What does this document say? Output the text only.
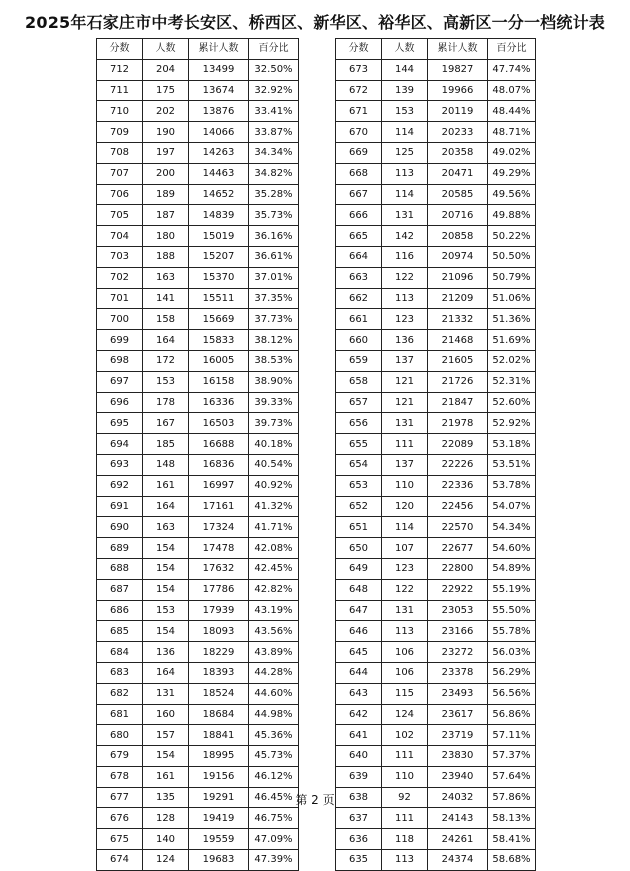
2025年石家庄市中考长安区、桥西区、新华区、裕华区、高新区一分一档统计表
分数	人数	累计人数	百分比
712	204	13499	32.50%
711	175	13674	32.92%
710	202	13876	33.41%
709	190	14066	33.87%
708	197	14263	34.34%
707	200	14463	34.82%
706	189	14652	35.28%
705	187	14839	35.73%
704	180	15019	36.16%
703	188	15207	36.61%
702	163	15370	37.01%
701	141	15511	37.35%
700	158	15669	37.73%
699	164	15833	38.12%
698	172	16005	38.53%
697	153	16158	38.90%
696	178	16336	39.33%
695	167	16503	39.73%
694	185	16688	40.18%
693	148	16836	40.54%
692	161	16997	40.92%
691	164	17161	41.32%
690	163	17324	41.71%
689	154	17478	42.08%
688	154	17632	42.45%
687	154	17786	42.82%
686	153	17939	43.19%
685	154	18093	43.56%
684	136	18229	43.89%
683	164	18393	44.28%
682	131	18524	44.60%
681	160	18684	44.98%
680	157	18841	45.36%
679	154	18995	45.73%
678	161	19156	46.12%
677	135	19291	46.45%
676	128	19419	46.75%
675	140	19559	47.09%
674	124	19683	47.39%
分数	人数	累计人数	百分比
673	144	19827	47.74%
672	139	19966	48.07%
671	153	20119	48.44%
670	114	20233	48.71%
669	125	20358	49.02%
668	113	20471	49.29%
667	114	20585	49.56%
666	131	20716	49.88%
665	142	20858	50.22%
664	116	20974	50.50%
663	122	21096	50.79%
662	113	21209	51.06%
661	123	21332	51.36%
660	136	21468	51.69%
659	137	21605	52.02%
658	121	21726	52.31%
657	121	21847	52.60%
656	131	21978	52.92%
655	111	22089	53.18%
654	137	22226	53.51%
653	110	22336	53.78%
652	120	22456	54.07%
651	114	22570	54.34%
650	107	22677	54.60%
649	123	22800	54.89%
648	122	22922	55.19%
647	131	23053	55.50%
646	113	23166	55.78%
645	106	23272	56.03%
644	106	23378	56.29%
643	115	23493	56.56%
642	124	23617	56.86%
641	102	23719	57.11%
640	111	23830	57.37%
639	110	23940	57.64%
638	92	24032	57.86%
637	111	24143	58.13%
636	118	24261	58.41%
635	113	24374	58.68%
第 2 页
